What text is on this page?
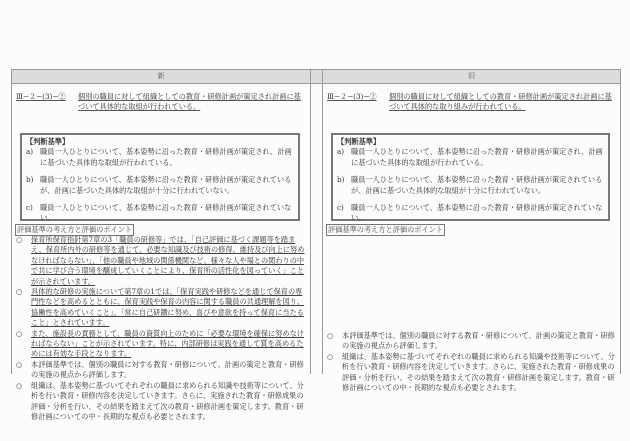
新	旧
Ⅲ−２−(3)−②	個別の職員に対して組織としての教育・研修計画が策定され計画に基づいて具体的な取組が行われている。
【判断基準】
a) 職員一人ひとりについて、基本姿勢に沿った教育・研修計画が策定され、計画に基づいた具体的な取組が行われている。
b) 職員一人ひとりについて、基本姿勢に沿った教育・研修計画が策定されているが、計画に基づいた具体的な取組が十分に行われていない。
c) 職員一人ひとりについて、基本姿勢に沿った教育・研修計画が策定されていない。
評価基準の考え方と評価のポイント
○	保育所保育指針第7章の3「職員の研修等」では、「自己評価に基づく課題等を踏まえ、保育所内外の研修等を通じて、必要な知識及び技術の修得、維持及び向上に努めなければならない」、「他の職員や地域の関係機関など、様々な人や場との関わりの中で共に学び合う環境を醸成していくことにより、保育所の活性化を図っていく」ことが示されています。
○	具体的な研修の実施について第7章の1では、「保育実践や研修などを通じて保育の専門性などを高めるとともに、保育実践や保育の内容に関する職員の共通理解を図り、協働性を高めていくこと」、「常に自己研鑽に努め、喜びや意欲を持って保育に当たること」とされています。
○	また、施設長の責務として、職員の資質向上のために「必要な環境を確保に努めなければならない」ことが示されています。特に、内部研修は実践を通して質を高めるためには有効な手段となります。
○	本評価基準では、個別の職員に対する教育・研修について、計画の策定と教育・研修の実施の視点から評価します。
○	組織は、基本姿勢に基づいてそれぞれの職員に求められる知識や技術等について、分析を行い教育・研修内容を決定していきます。さらに、実施された教育・研修成果の評価・分析を行い、その結果を踏まえて次の教育・研修計画を策定します。教育・研修計画についての中・長期的な視点も必要とされます。
Ⅲ−２−(3)−②	個別の職員に対して組織としての教育・研修計画が策定され計画に基づいて具体的な取り組みが行われている。
【判断基準】
a) 職員一人ひとりについて、基本姿勢に沿った教育・研修計画が策定され、計画に基づいた具体的な取組が行われている。
b) 職員一人ひとりについて、基本姿勢に沿った教育・研修計画が策定されているが、計画に基づいた具体的な取組が十分に行われていない。
c) 職員一人ひとりについて、基本姿勢に沿った教育・研修計画が策定されていない。
評価基準の考え方と評価のポイント
○	本評価基準では、個別の職員に対する教育・研修について、計画の策定と教育・研修の実施の視点から評価します。
○	組織は、基本姿勢に基づいてそれぞれの職員に求められる知識や技術等について、分析を行い教育・研修内容を決定していきます。さらに、実施された教育・研修成果の評価・分析を行い、その結果を踏まえて次の教育・研修計画を策定します。教育・研修計画についての中・長期的な視点も必要とされます。
